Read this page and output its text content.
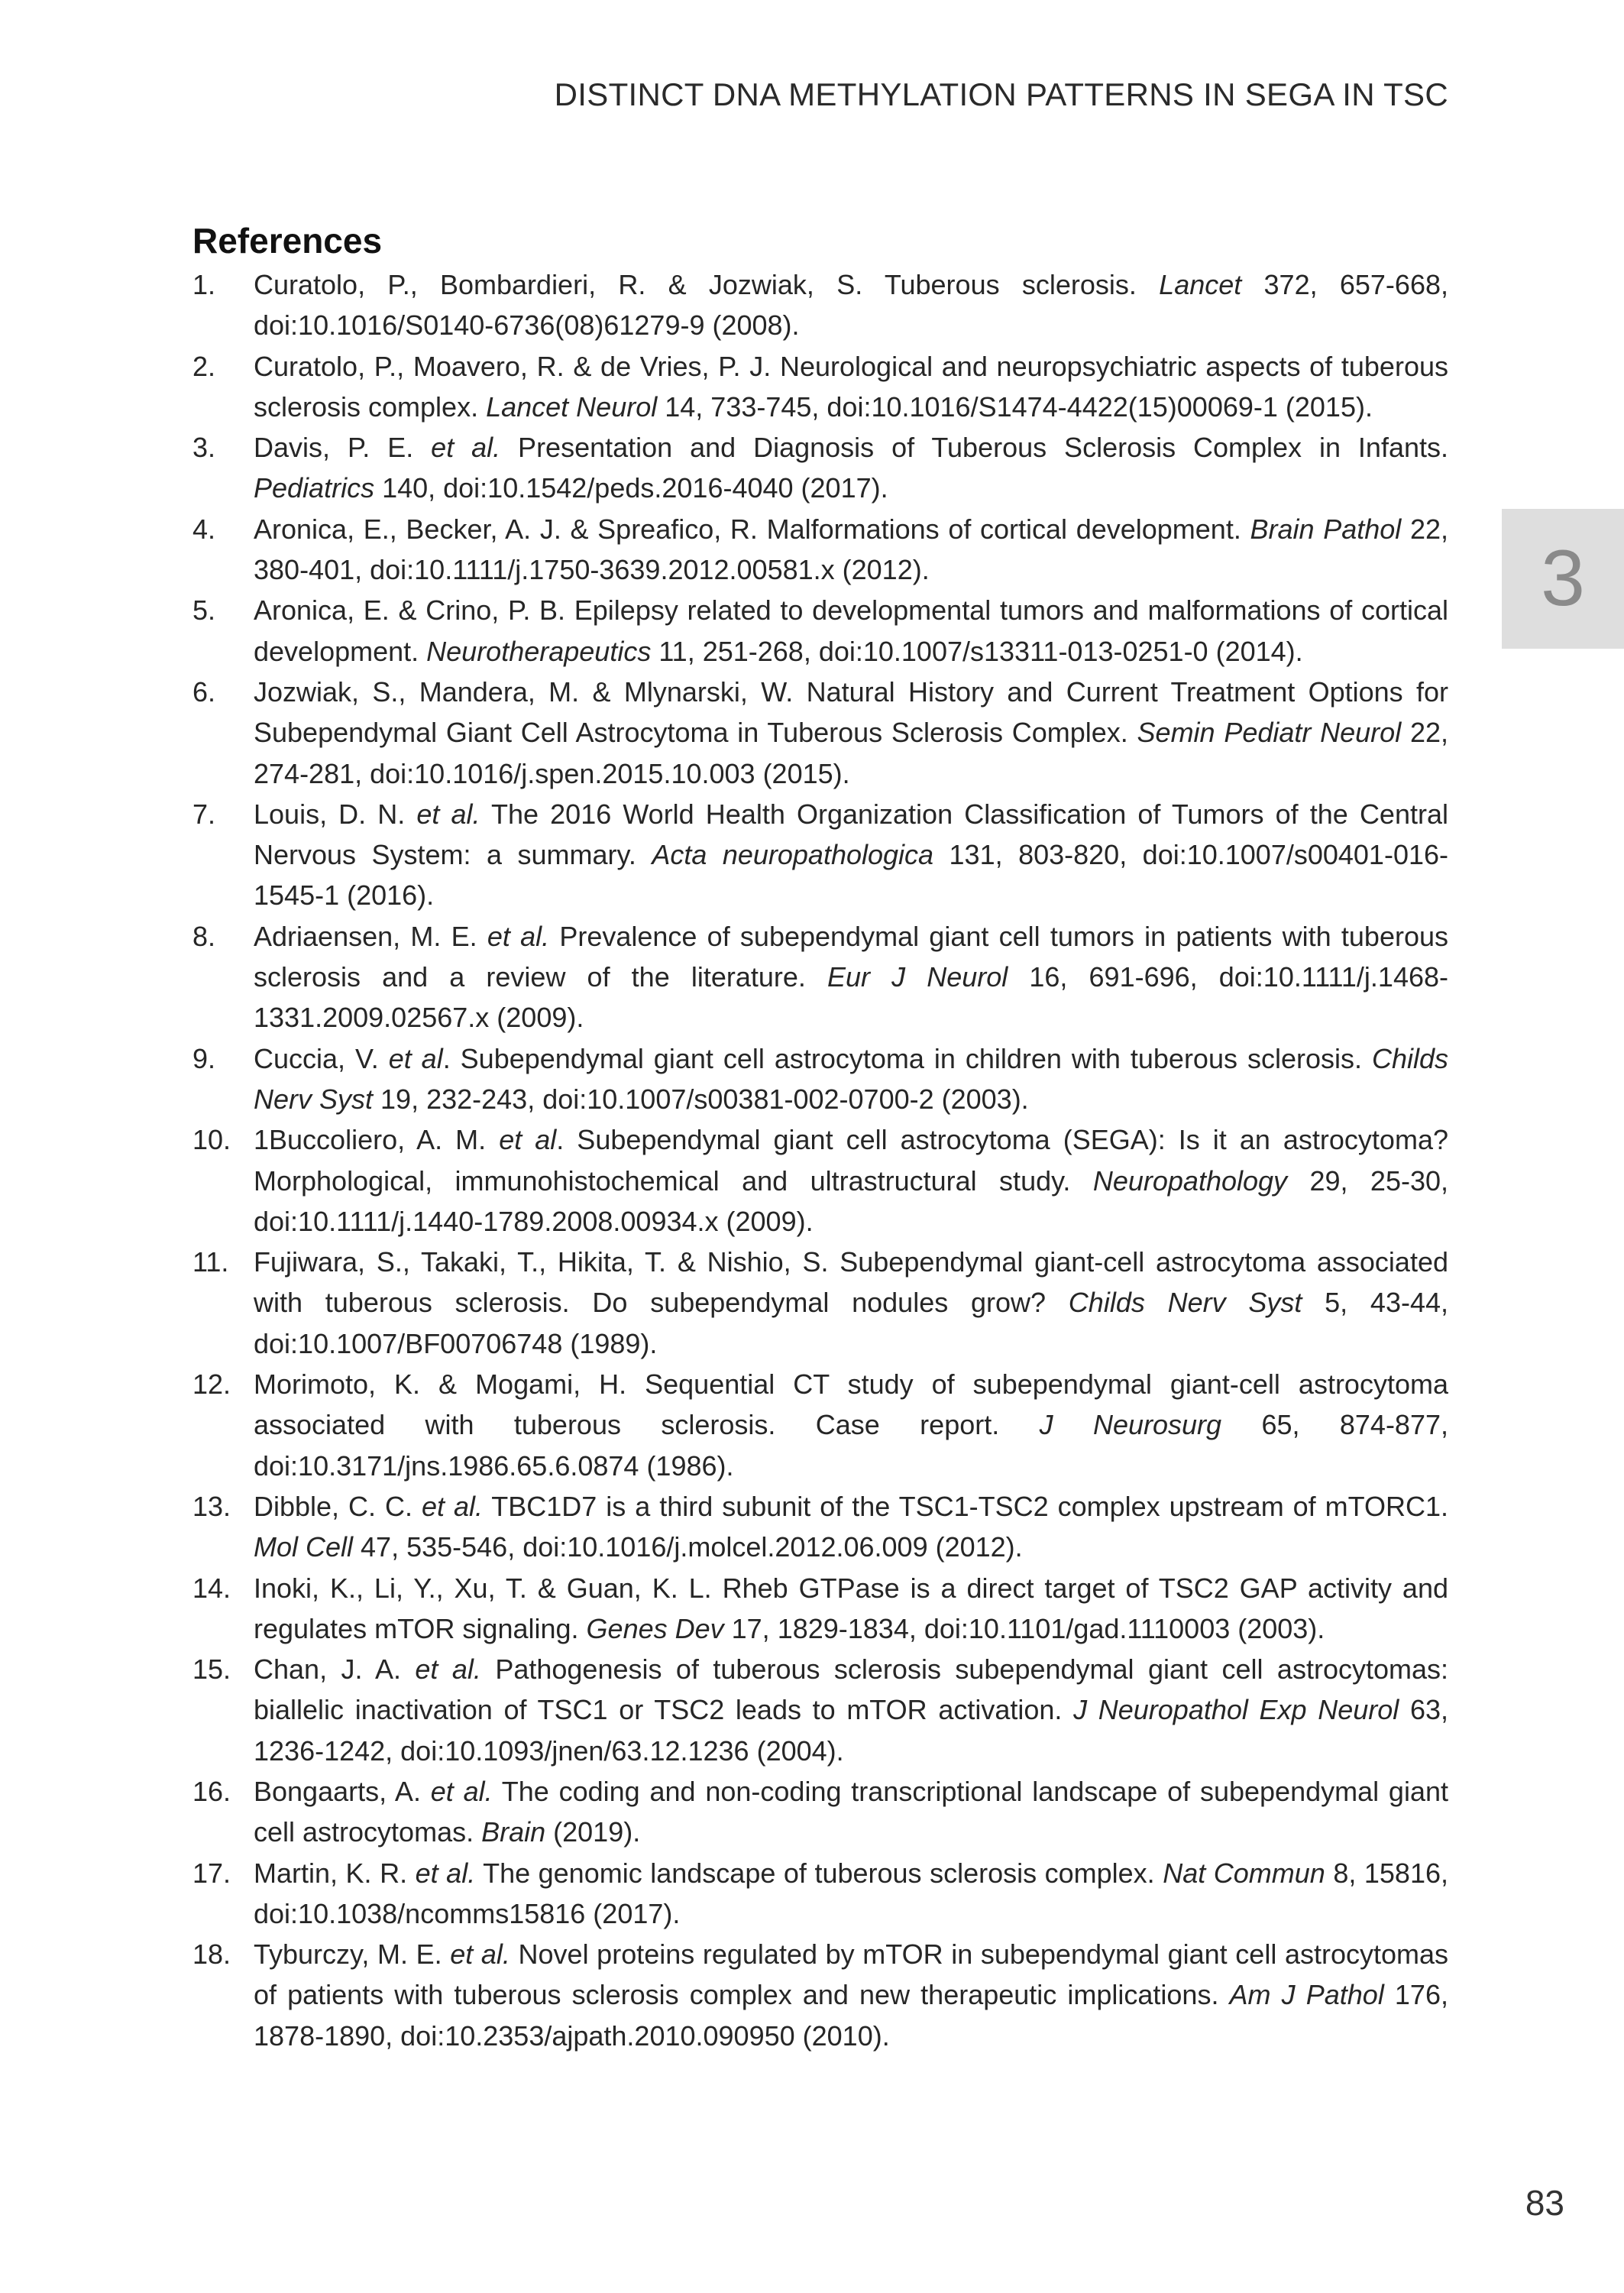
DISTINCT DNA METHYLATION PATTERNS IN SEGA IN TSC
References
1.	Curatolo, P., Bombardieri, R. & Jozwiak, S. Tuberous sclerosis. Lancet 372, 657-668, doi:10.1016/S0140-6736(08)61279-9 (2008).
2.	Curatolo, P., Moavero, R. & de Vries, P. J. Neurological and neuropsychiatric aspects of tuberous sclerosis complex. Lancet Neurol 14, 733-745, doi:10.1016/S1474-4422(15)00069-1 (2015).
3.	Davis, P. E. et al. Presentation and Diagnosis of Tuberous Sclerosis Complex in Infants. Pediatrics 140, doi:10.1542/peds.2016-4040 (2017).
4.	Aronica, E., Becker, A. J. & Spreafico, R. Malformations of cortical development. Brain Pathol 22, 380-401, doi:10.1111/j.1750-3639.2012.00581.x (2012).
5.	Aronica, E. & Crino, P. B. Epilepsy related to developmental tumors and malformations of cortical development. Neurotherapeutics 11, 251-268, doi:10.1007/s13311-013-0251-0 (2014).
6.	Jozwiak, S., Mandera, M. & Mlynarski, W. Natural History and Current Treatment Options for Subependymal Giant Cell Astrocytoma in Tuberous Sclerosis Complex. Semin Pediatr Neurol 22, 274-281, doi:10.1016/j.spen.2015.10.003 (2015).
7.	Louis, D. N. et al. The 2016 World Health Organization Classification of Tumors of the Central Nervous System: a summary. Acta neuropathologica 131, 803-820, doi:10.1007/s00401-016-1545-1 (2016).
8.	Adriaensen, M. E. et al. Prevalence of subependymal giant cell tumors in patients with tuberous sclerosis and a review of the literature. Eur J Neurol 16, 691-696, doi:10.1111/j.1468-1331.2009.02567.x (2009).
9.	Cuccia, V. et al. Subependymal giant cell astrocytoma in children with tuberous sclerosis. Childs Nerv Syst 19, 232-243, doi:10.1007/s00381-002-0700-2 (2003).
10. 1Buccoliero, A. M. et al. Subependymal giant cell astrocytoma (SEGA): Is it an astrocytoma? Morphological, immunohistochemical and ultrastructural study. Neuropathology 29, 25-30, doi:10.1111/j.1440-1789.2008.00934.x (2009).
11. Fujiwara, S., Takaki, T., Hikita, T. & Nishio, S. Subependymal giant-cell astrocytoma associated with tuberous sclerosis. Do subependymal nodules grow? Childs Nerv Syst 5, 43-44, doi:10.1007/BF00706748 (1989).
12. Morimoto, K. & Mogami, H. Sequential CT study of subependymal giant-cell astrocytoma associated with tuberous sclerosis. Case report. J Neurosurg 65, 874-877, doi:10.3171/jns.1986.65.6.0874 (1986).
13. Dibble, C. C. et al. TBC1D7 is a third subunit of the TSC1-TSC2 complex upstream of mTORC1. Mol Cell 47, 535-546, doi:10.1016/j.molcel.2012.06.009 (2012).
14. Inoki, K., Li, Y., Xu, T. & Guan, K. L. Rheb GTPase is a direct target of TSC2 GAP activity and regulates mTOR signaling. Genes Dev 17, 1829-1834, doi:10.1101/gad.1110003 (2003).
15. Chan, J. A. et al. Pathogenesis of tuberous sclerosis subependymal giant cell astrocytomas: biallelic inactivation of TSC1 or TSC2 leads to mTOR activation. J Neuropathol Exp Neurol 63, 1236-1242, doi:10.1093/jnen/63.12.1236 (2004).
16. Bongaarts, A. et al. The coding and non-coding transcriptional landscape of subependymal giant cell astrocytomas. Brain (2019).
17. Martin, K. R. et al. The genomic landscape of tuberous sclerosis complex. Nat Commun 8, 15816, doi:10.1038/ncomms15816 (2017).
18. Tyburczy, M. E. et al. Novel proteins regulated by mTOR in subependymal giant cell astrocytomas of patients with tuberous sclerosis complex and new therapeutic implications. Am J Pathol 176, 1878-1890, doi:10.2353/ajpath.2010.090950 (2010).
3
83
